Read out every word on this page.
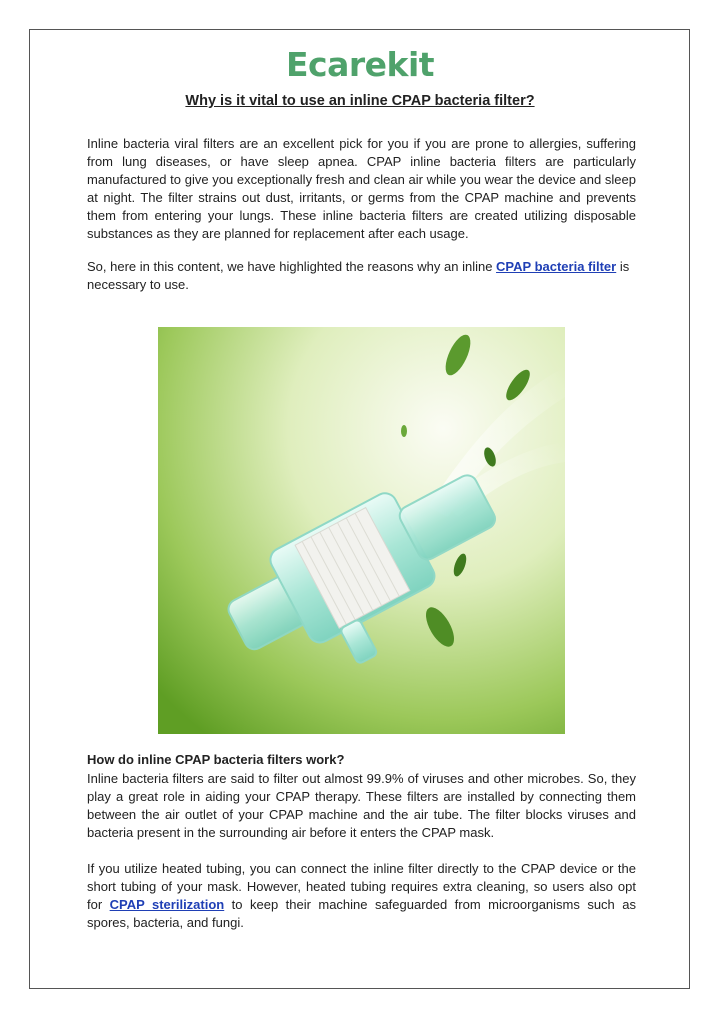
Ecarekit
Why is it vital to use an inline CPAP bacteria filter?

Inline bacteria viral filters are an excellent pick for you if you are prone to allergies, suffering from lung diseases, or have sleep apnea. CPAP inline bacteria filters are particularly manufactured to give you exceptionally fresh and clean air while you wear the device and sleep at night. The filter strains out dust, irritants, or germs from the CPAP machine and prevents them from entering your lungs. These inline bacteria filters are created utilizing disposable substances as they are planned for replacement after each usage.

So, here in this content, we have highlighted the reasons why an inline CPAP bacteria filter is necessary to use.

How do inline CPAP bacteria filters work?

Inline bacteria filters are said to filter out almost 99.9% of viruses and other microbes. So, they play a great role in aiding your CPAP therapy. These filters are installed by connecting them between the air outlet of your CPAP machine and the air tube. The filter blocks viruses and bacteria present in the surrounding air before it enters the CPAP mask.

If you utilize heated tubing, you can connect the inline filter directly to the CPAP device or the short tubing of your mask. However, heated tubing requires extra cleaning, so users also opt for CPAP sterilization to keep their machine safeguarded from microorganisms such as spores, bacteria, and fungi.
